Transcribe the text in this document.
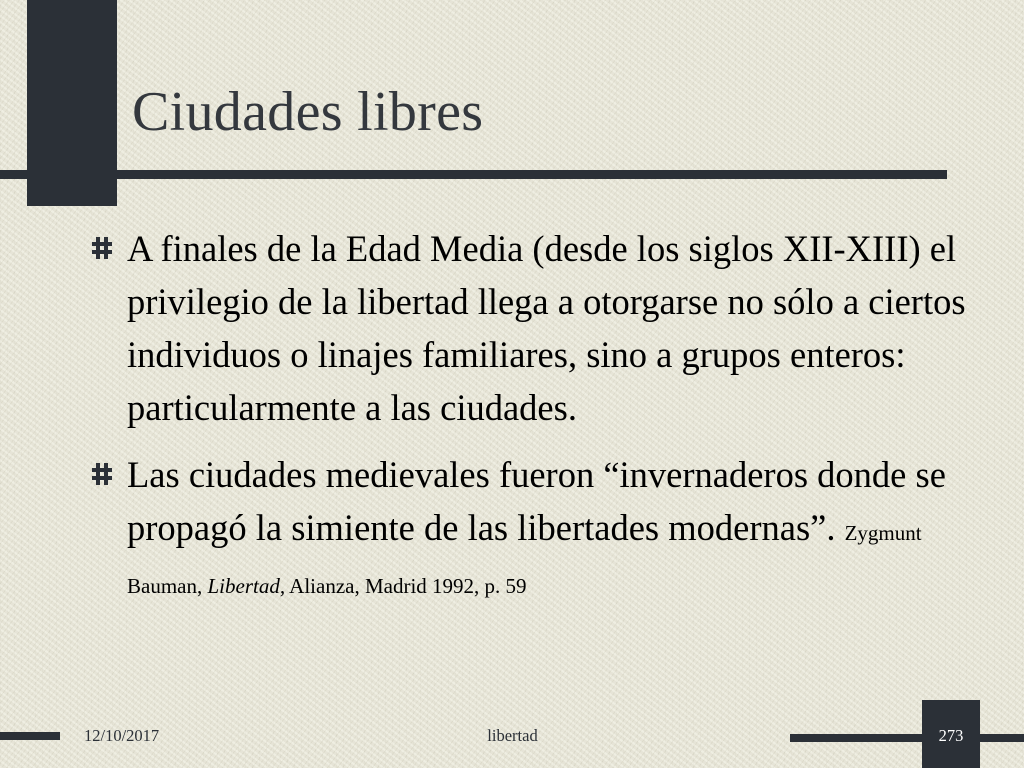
Ciudades libres
A finales de la Edad Media (desde los siglos XII-XIII) el privilegio de la libertad llega a otorgarse no sólo a ciertos individuos o linajes familiares, sino a grupos enteros: particularmente a las ciudades.
Las ciudades medievales fueron “invernaderos donde se propagó la simiente de las libertades modernas”. Zygmunt Bauman, Libertad, Alianza, Madrid 1992, p. 59
12/10/2017	libertad	273
